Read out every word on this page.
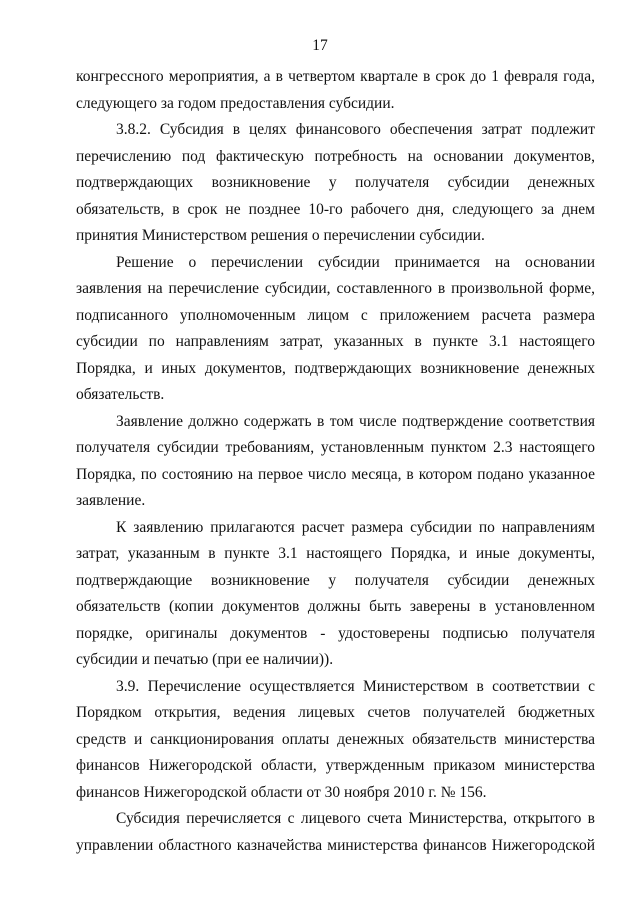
17

конгрессного мероприятия, а в четвертом квартале в срок до 1 февраля года, следующего за годом предоставления субсидии.

3.8.2. Субсидия в целях финансового обеспечения затрат подлежит перечислению под фактическую потребность на основании документов, подтверждающих возникновение у получателя субсидии денежных обязательств, в срок не позднее 10-го рабочего дня, следующего за днем принятия Министерством решения о перечислении субсидии.

Решение о перечислении субсидии принимается на основании заявления на перечисление субсидии, составленного в произвольной форме, подписанного уполномоченным лицом с приложением расчета размера субсидии по направлениям затрат, указанных в пункте 3.1 настоящего Порядка, и иных документов, подтверждающих возникновение денежных обязательств.

Заявление должно содержать в том числе подтверждение соответствия получателя субсидии требованиям, установленным пунктом 2.3 настоящего Порядка, по состоянию на первое число месяца, в котором подано указанное заявление.

К заявлению прилагаются расчет размера субсидии по направлениям затрат, указанным в пункте 3.1 настоящего Порядка, и иные документы, подтверждающие возникновение у получателя субсидии денежных обязательств (копии документов должны быть заверены в установленном порядке, оригиналы документов - удостоверены подписью получателя субсидии и печатью (при ее наличии)).

3.9. Перечисление осуществляется Министерством в соответствии с Порядком открытия, ведения лицевых счетов получателей бюджетных средств и санкционирования оплаты денежных обязательств министерства финансов Нижегородской области, утвержденным приказом министерства финансов Нижегородской области от 30 ноября 2010 г. № 156.

Субсидия перечисляется с лицевого счета Министерства, открытого в управлении областного казначейства министерства финансов Нижегородской
